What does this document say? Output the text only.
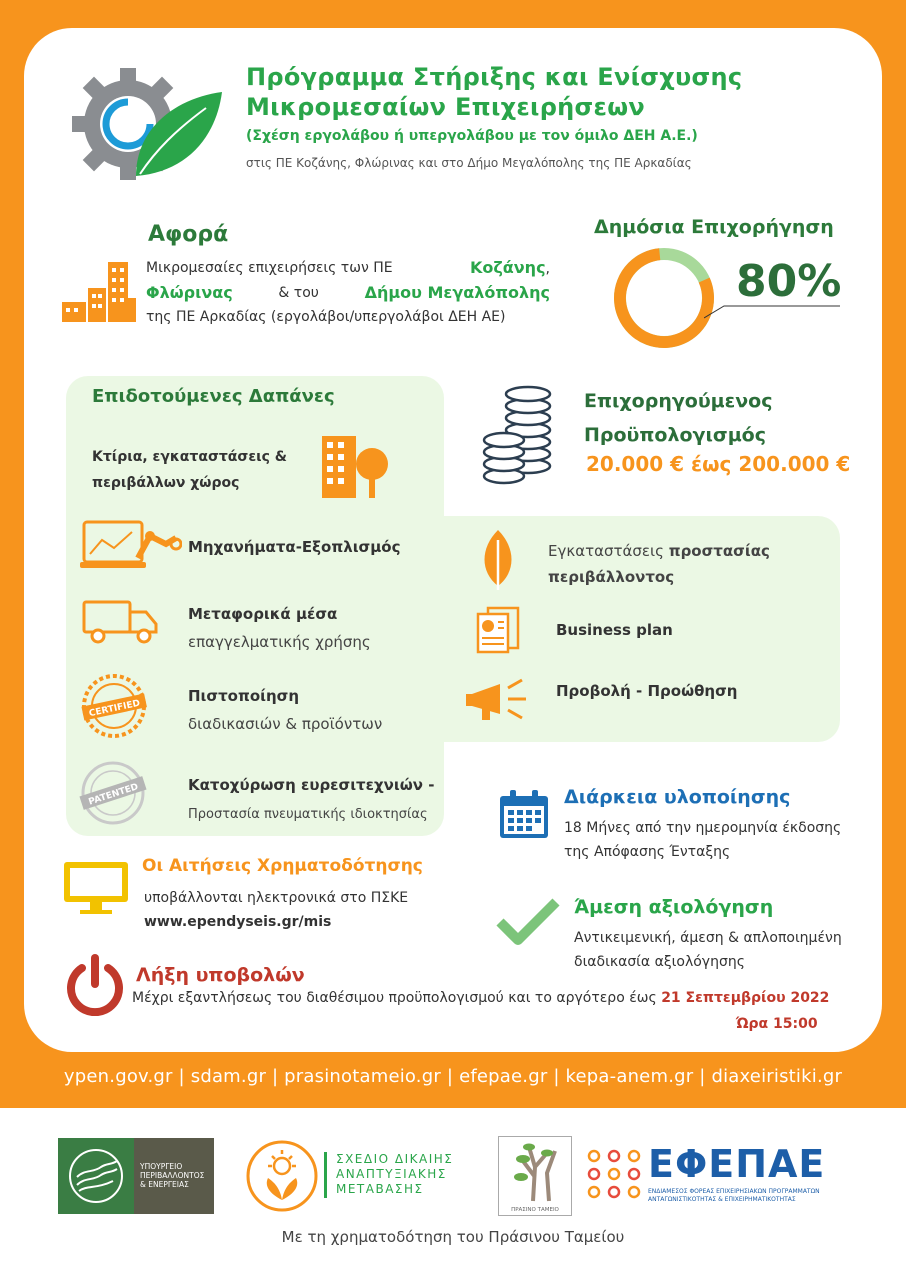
Πρόγραμμα Στήριξης και Ενίσχυσης
Μικρομεσαίων Επιχειρήσεων
(Σχέση εργολάβου ή υπεργολάβου με τον όμιλο ΔΕΗ Α.Ε.)
στις ΠΕ Κοζάνης, Φλώρινας και στο Δήμο Μεγαλόπολης της ΠΕ Αρκαδίας
Αφορά
Μικρομεσαίες επιχειρήσεις των ΠΕ	Κοζάνης,
Φλώρινας	& του	Δήμου Μεγαλόπολης
της ΠΕ Αρκαδίας (εργολάβοι/υπεργολάβοι ΔΕΗ ΑΕ)
Δημόσια Επιχορήγηση
80%
Επιδοτούμενες Δαπάνες
Κτίρια, εγκαταστάσεις &
περιβάλλων χώρος
Μηχανήματα-Εξοπλισμός
Μεταφορικά μέσα
επαγγελματικής χρήσης
CERTIFIED
Πιστοποίηση
διαδικασιών & προϊόντων
PATENTED	Κατοχύρωση ευρεσιτεχνιών -
Προστασία πνευματικής ιδιοκτησίας
Επιχορηγούμενος
Προϋπολογισμός
20.000 € έως 200.000 €
Εγκαταστάσεις προστασίας
περιβάλλοντος
Business plan
Προβολή - Προώθηση
Διάρκεια υλοποίησης
18 Μήνες από την ημερομηνία έκδοσης
της Απόφασης Ένταξης
Οι Αιτήσεις Χρηματοδότησης
υποβάλλονται ηλεκτρονικά στο ΠΣΚΕ
www.ependyseis.gr/mis
Άμεση αξιολόγηση
Αντικειμενική, άμεση & απλοποιημένη
διαδικασία αξιολόγησης
Λήξη υποβολών
Μέχρι εξαντλήσεως του διαθέσιμου προϋπολογισμού και το αργότερο έως 21 Σεπτεμβρίου 2022
Ώρα 15:00
ypen.gov.gr | sdam.gr | prasinotameio.gr | efepae.gr | kepa-anem.gr | diaxeiristiki.gr
ΥΠΟΥΡΓΕΙΟ
ΠΕΡΙΒΑΛΛΟΝΤΟΣ
& ΕΝΕΡΓΕΙΑΣ
ΣΧΕΔΙΟ ΔΙΚΑΙΗΣ
ΑΝΑΠΤΥΞΙΑΚΗΣ
ΜΕΤΑΒΑΣΗΣ
ΠΡΑΣΙΝΟ ΤΑΜΕΙΟ
ΕΦΕΠΑΕ
ΕΝΔΙΑΜΕΣΟΣ ΦΟΡΕΑΣ ΕΠΙΧΕΙΡΗΣΙΑΚΩΝ ΠΡΟΓΡΑΜΜΑΤΩΝ
ΑΝΤΑΓΩΝΙΣΤΙΚΟΤΗΤΑΣ & ΕΠΙΧΕΙΡΗΜΑΤΙΚΟΤΗΤΑΣ
Με τη χρηματοδότηση του Πράσινου Ταμείου
